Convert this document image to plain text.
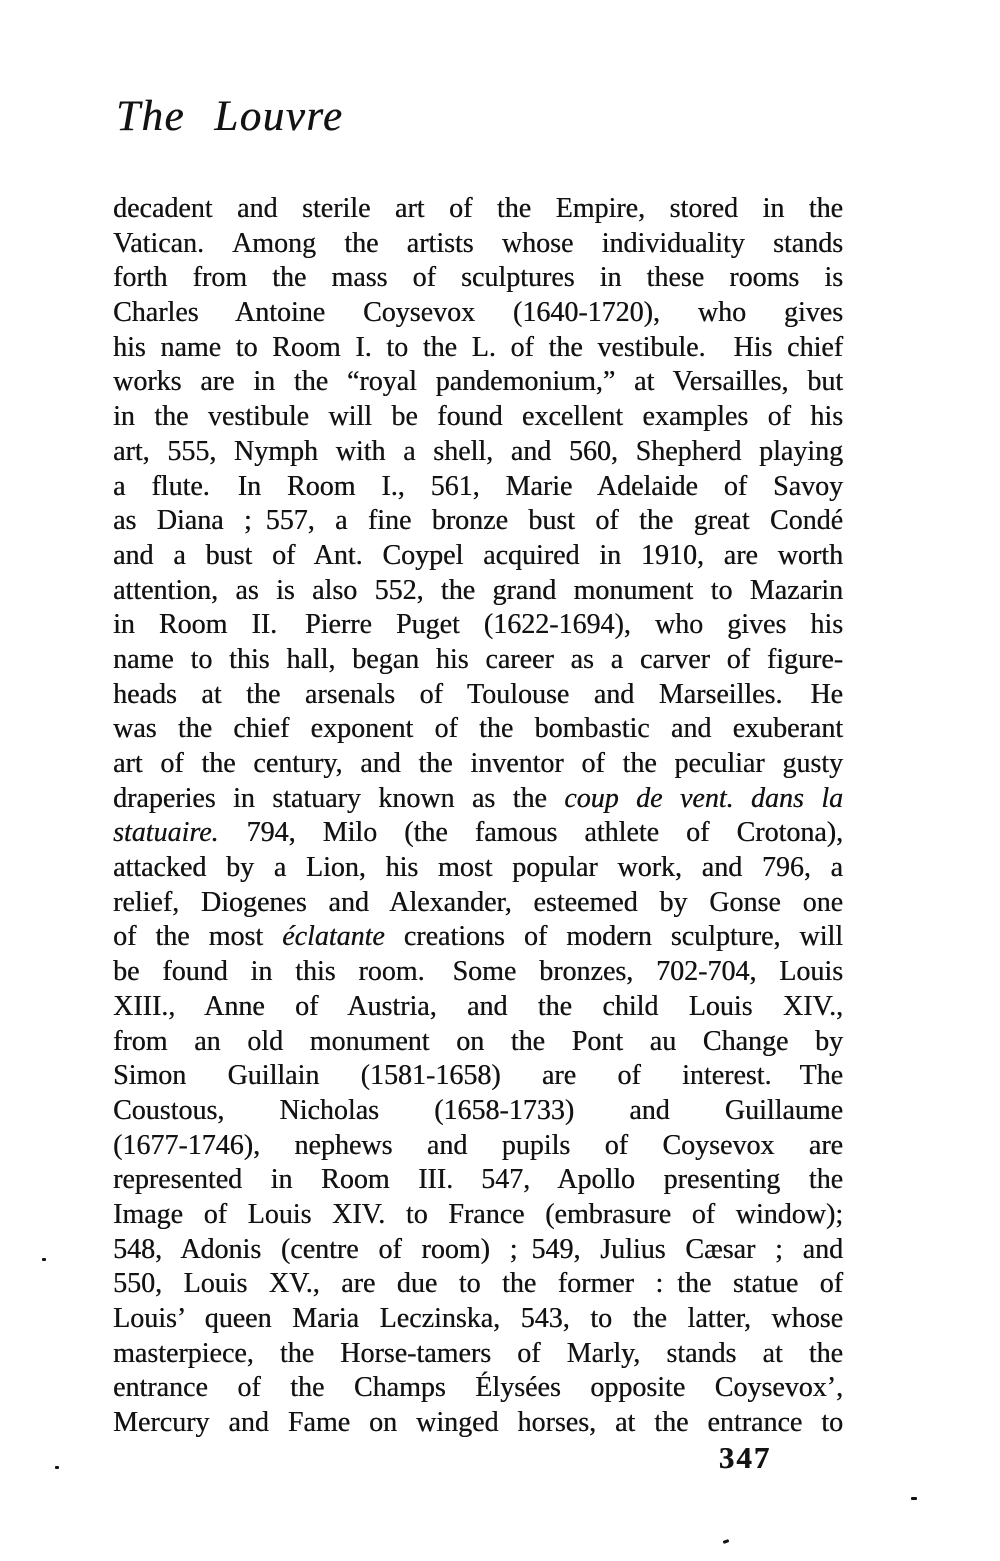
The Louvre
decadent and sterile art of the Empire, stored in the
Vatican. Among the artists whose individuality stands
forth from the mass of sculptures in these rooms is
Charles Antoine Coysevox (1640-1720), who gives
his name to Room I. to the L. of the vestibule. His chief
works are in the “royal pandemonium,” at Versailles, but
in the vestibule will be found excellent examples of his
art, 555, Nymph with a shell, and 560, Shepherd playing
a flute. In Room I., 561, Marie Adelaide of Savoy
as Diana ; 557, a fine bronze bust of the great Condé
and a bust of Ant. Coypel acquired in 1910, are worth
attention, as is also 552, the grand monument to Mazarin
in Room II. Pierre Puget (1622-1694), who gives his
name to this hall, began his career as a carver of figure-
heads at the arsenals of Toulouse and Marseilles. He
was the chief exponent of the bombastic and exuberant
art of the century, and the inventor of the peculiar gusty
draperies in statuary known as the coup de vent. dans la
statuaire. 794, Milo (the famous athlete of Crotona),
attacked by a Lion, his most popular work, and 796, a
relief, Diogenes and Alexander, esteemed by Gonse one
of the most éclatante creations of modern sculpture, will
be found in this room. Some bronzes, 702-704, Louis
XIII., Anne of Austria, and the child Louis XIV.,
from an old monument on the Pont au Change by
Simon Guillain (1581-1658) are of interest. The
Coustous, Nicholas (1658-1733) and Guillaume
(1677-1746), nephews and pupils of Coysevox are
represented in Room III. 547, Apollo presenting the
Image of Louis XIV. to France (embrasure of window);
548, Adonis (centre of room) ; 549, Julius Cæsar ; and
550, Louis XV., are due to the former : the statue of
Louis’ queen Maria Leczinska, 543, to the latter, whose
masterpiece, the Horse-tamers of Marly, stands at the
entrance of the Champs Élysées opposite Coysevox’,
Mercury and Fame on winged horses, at the entrance to
347
